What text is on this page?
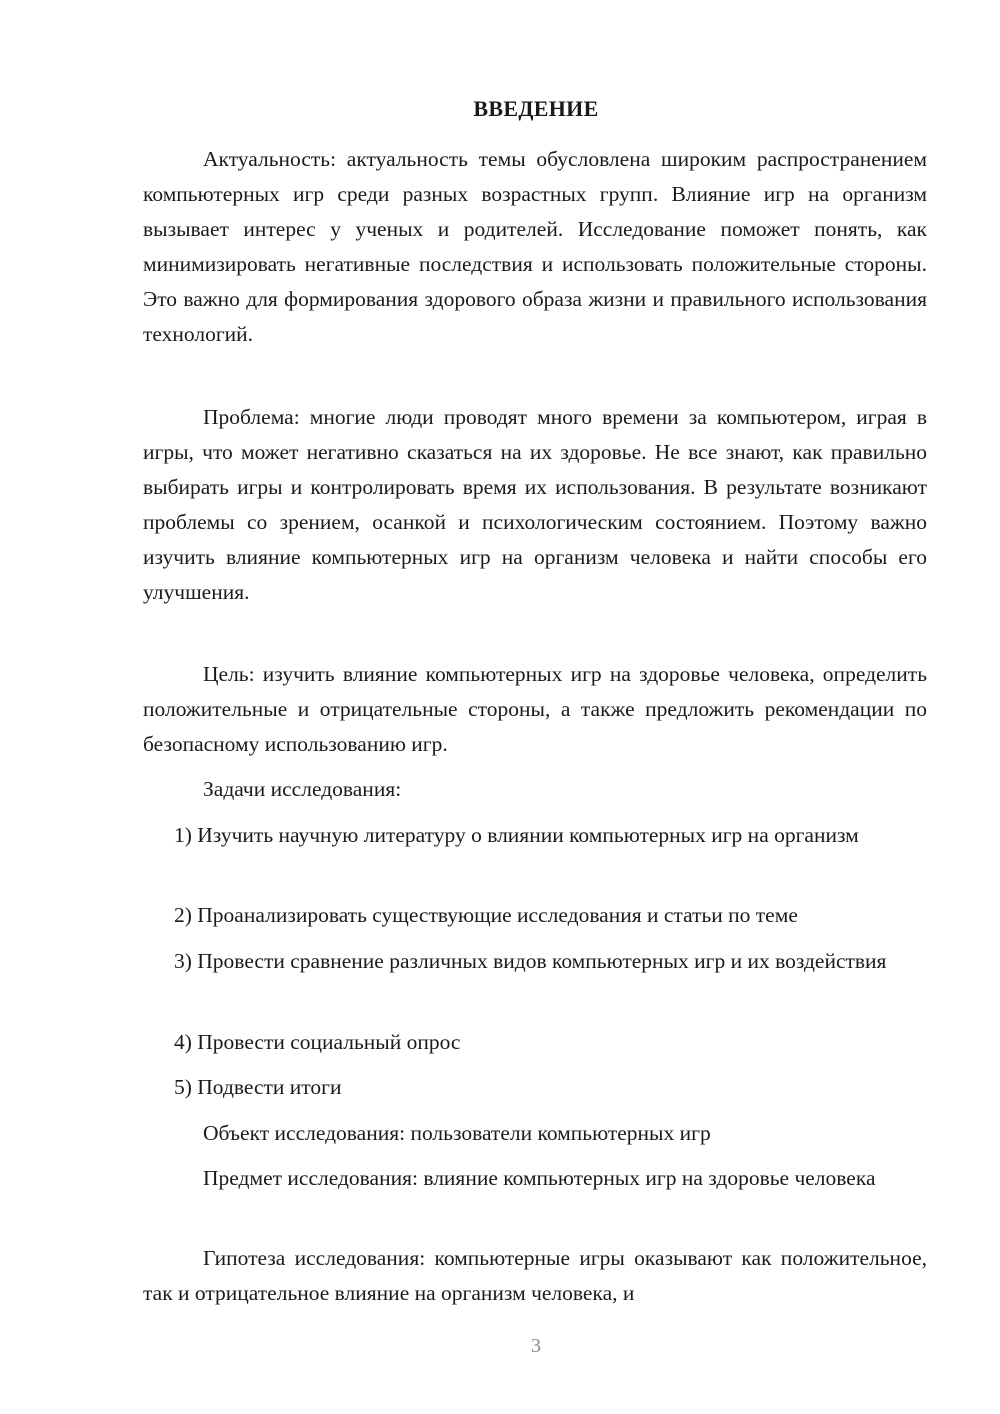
ВВЕДЕНИЕ

Актуальность: актуальность темы обусловлена широким распространением компьютерных игр среди разных возрастных групп. Влияние игр на организм вызывает интерес у ученых и родителей. Исследование поможет понять, как минимизировать негативные последствия и использовать положительные стороны. Это важно для формирования здорового образа жизни и правильного использования технологий.

Проблема: многие люди проводят много времени за компьютером, играя в игры, что может негативно сказаться на их здоровье. Не все знают, как правильно выбирать игры и контролировать время их использования. В результате возникают проблемы со зрением, осанкой и психологическим состоянием. Поэтому важно изучить влияние компьютерных игр на организм человека и найти способы его улучшения.

Цель: изучить влияние компьютерных игр на здоровье человека, определить положительные и отрицательные стороны, а также предложить рекомендации по безопасному использованию игр.

Задачи исследования:

1) Изучить научную литературу о влиянии компьютерных игр на организм

2) Проанализировать существующие исследования и статьи по теме

3) Провести сравнение различных видов компьютерных игр и их воздействия

4) Провести социальный опрос

5) Подвести итоги

Объект исследования: пользователи компьютерных игр

Предмет исследования: влияние компьютерных игр на здоровье человека

Гипотеза исследования: компьютерные игры оказывают как положительное, так и отрицательное влияние на организм человека, и

3
